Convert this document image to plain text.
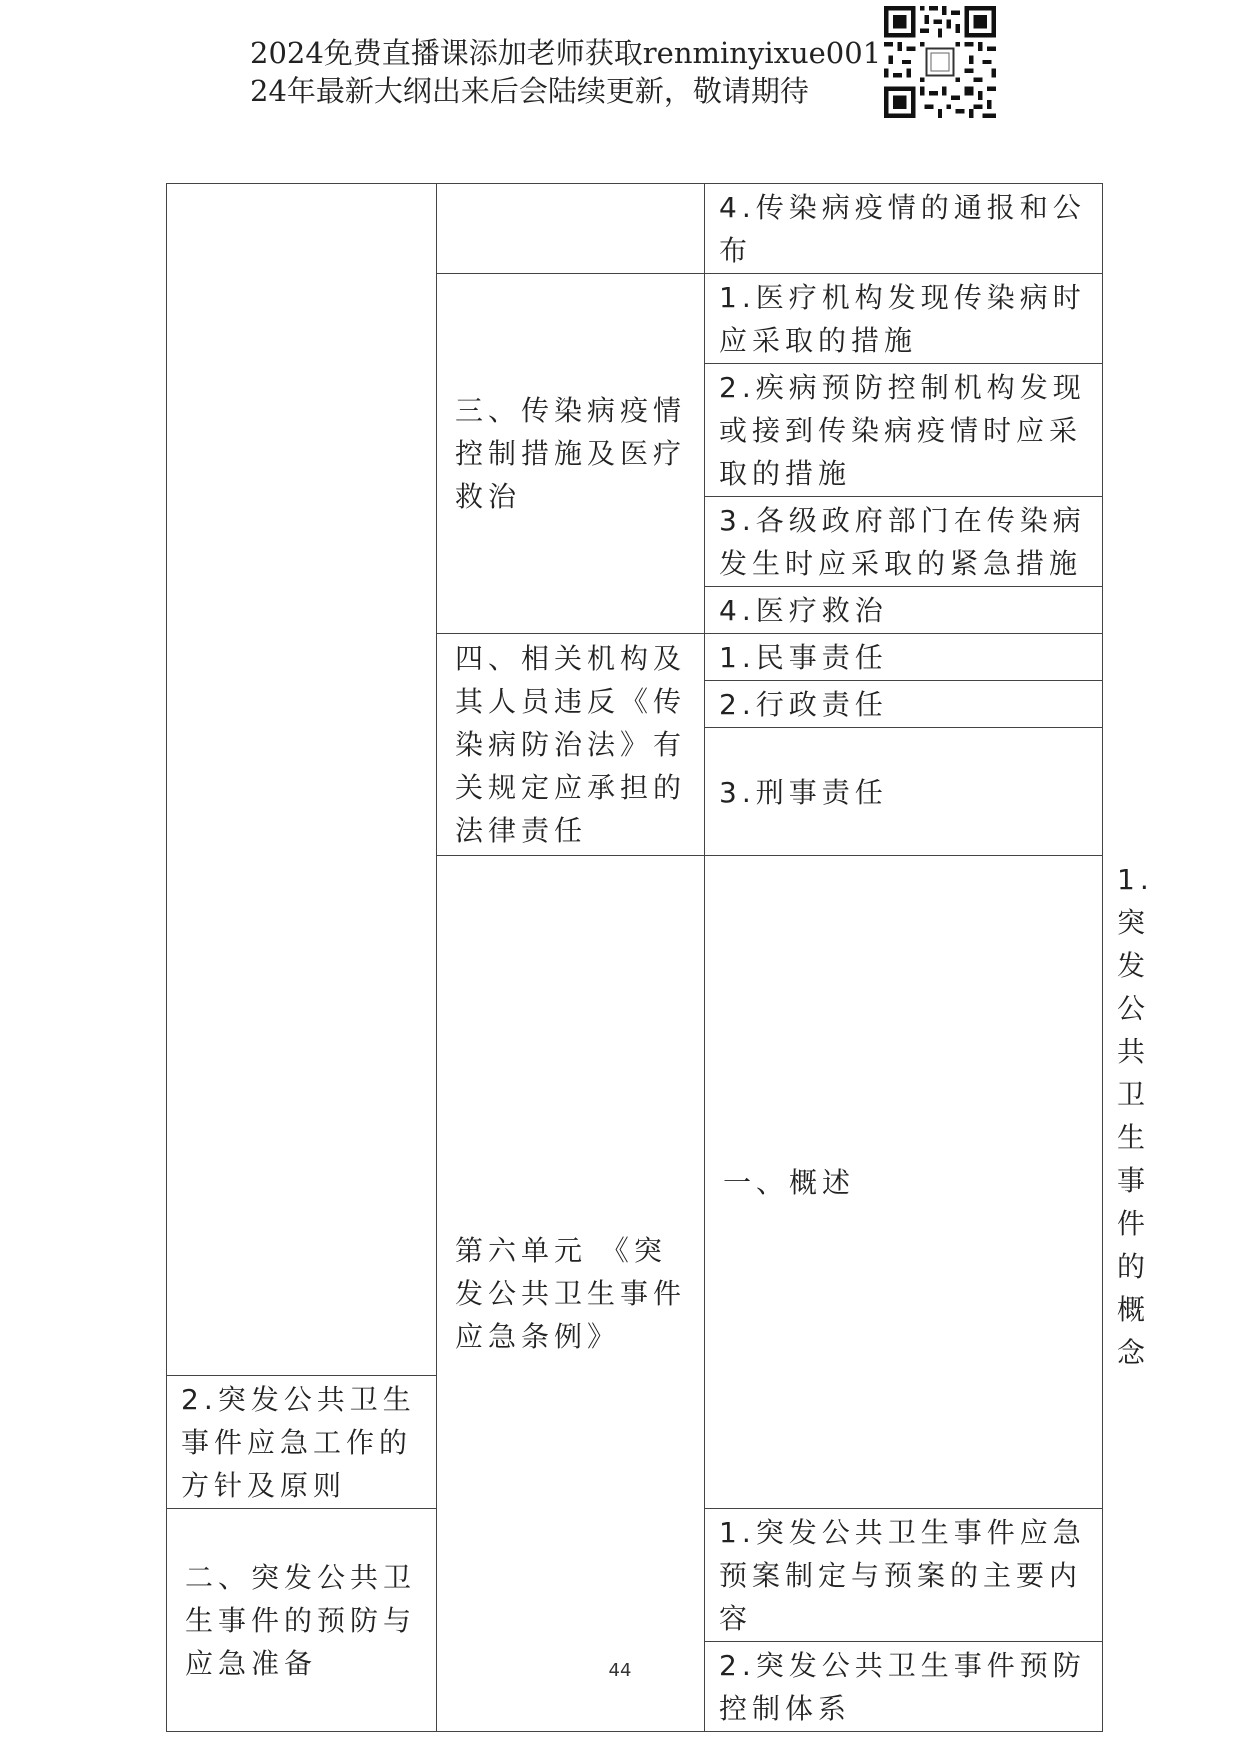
2024免费直播课添加老师获取renminyixue001
24年最新大纲出来后会陆续更新，敬请期待
		4.传染病疫情的通报和公布	
	三、传染病疫情控制措施及医疗救治	1.医疗机构发现传染病时应采取的措施	
		2.疾病预防控制机构发现或接到传染病疫情时应采取的措施	
		3.各级政府部门在传染病发生时应采取的紧急措施	
		4.医疗救治	
	四、相关机构及其人员违反《传染病防治法》有关规定应承担的法律责任	1.民事责任	
		2.行政责任	
		3.刑事责任	
	第六单元 《突发公共卫生事件应急条例》	一、概述	1.突发公共卫生事件的概念
2.突发公共卫生事件应急工作的方针及原则			
二、突发公共卫生事件的预防与应急准备		1.突发公共卫生事件应急预案制定与预案的主要内容	
		2.突发公共卫生事件预防控制体系	
44
